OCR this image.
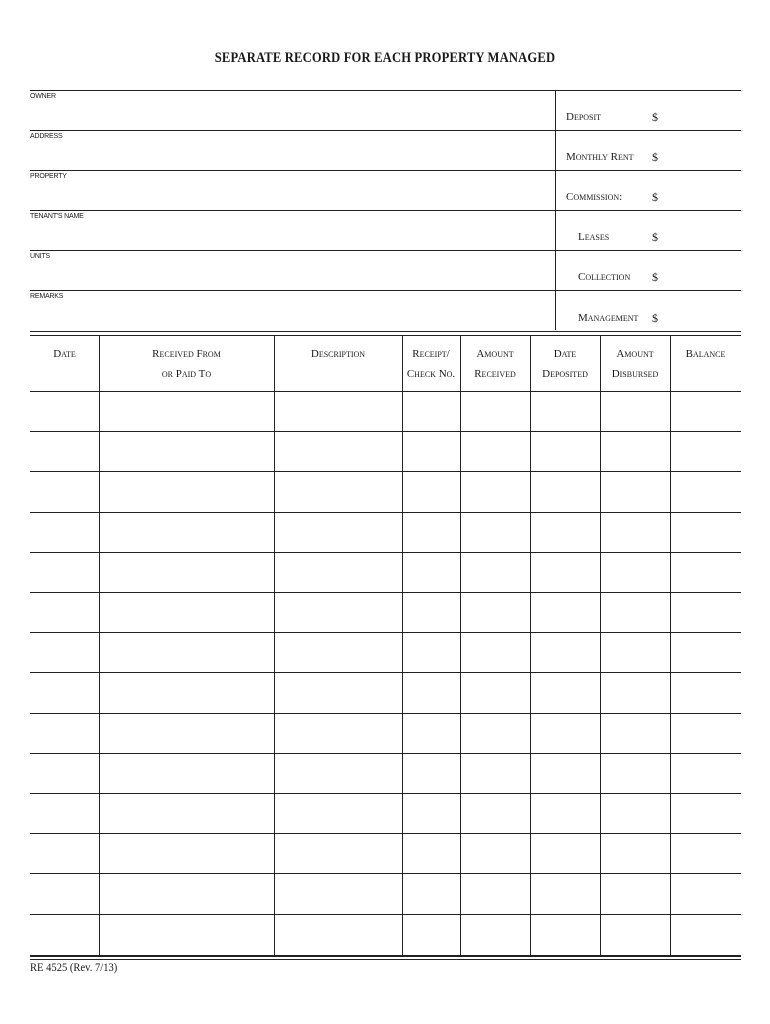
SEPARATE RECORD FOR EACH PROPERTY MANAGED
OWNER
ADDRESS
PROPERTY
TENANT'S NAME
UNITS
REMARKS
Deposit
Monthly Rent
Commission:
Leases
Collection
Management
$
$
$
$
$
$
Date	Received From
or Paid To
Description	Receipt/
Check No.
Amount
Received
Date
Deposited
Amount
Disbursed
Balance
RE 4525 (Rev. 7/13)
